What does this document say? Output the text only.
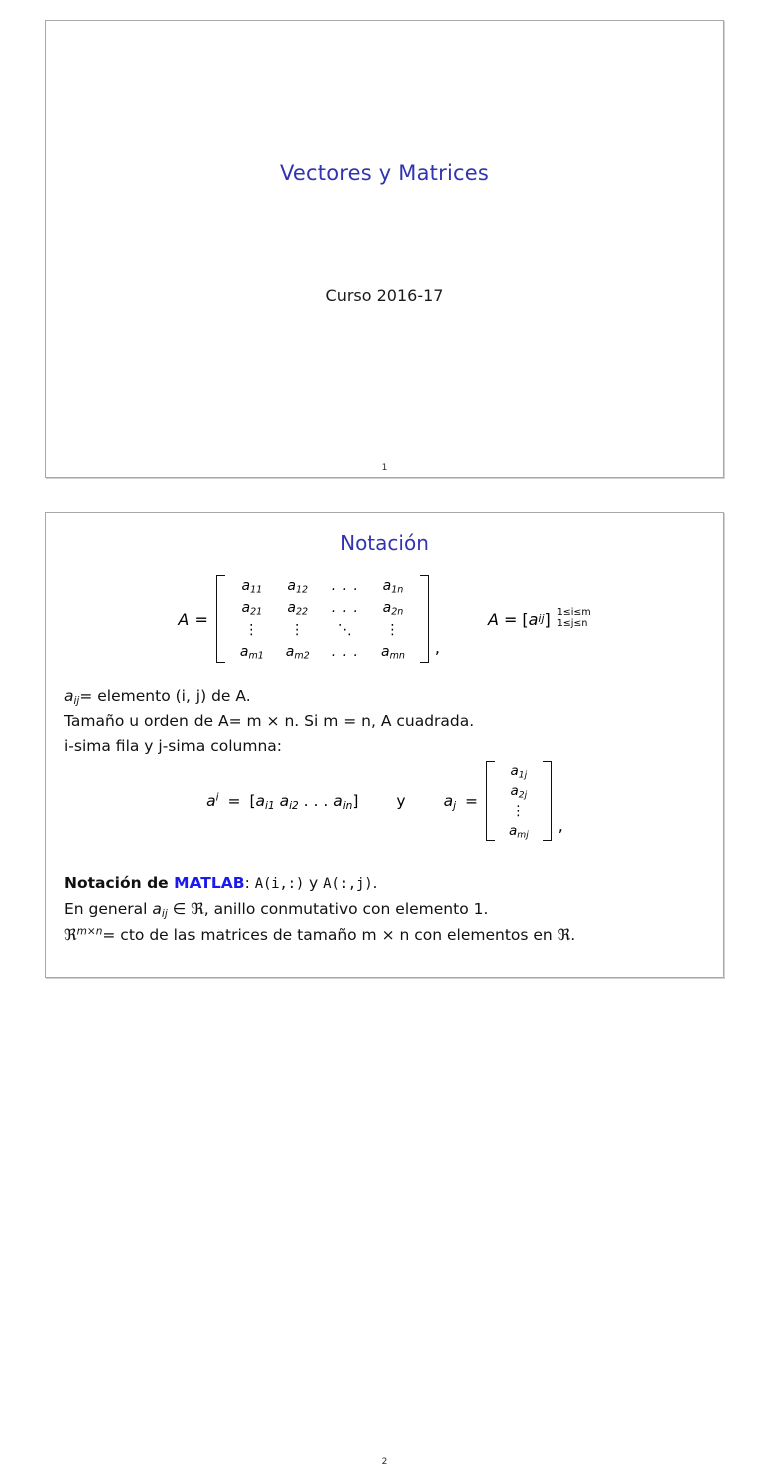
Vectores y Matrices
Curso 2016-17
1
Notación
A =
$a_{11}$	$a_{12}$	. . .	$a_{1n}$
$a_{21}$	$a_{22}$	. . .	$a_{2n}$
⋮	⋮	⋱	⋮
$a_{m1}$	$a_{m2}$	. . .	$a_{mn}$	,
A = [ a ij ] 1≤i≤m
1≤j≤n
$a_{ij}=$ elemento (i, j) de A.
Tamaño u orden de A= m × n. Si m = n, A cuadrada.
i-sima fila y j-sima columna:
$a^i = [a_{i1}$ $a_{i2}$ . . . $a_{in}$] y $a_j$ =
$a_{1j}$
$a_{2j}$
⋮
$a_{mj}$
,
Notación de MATLAB: A(i,:) y A(:,j).
En general $a_{ij}$ ∈ ℜ, anillo conmutativo con elemento 1.
ℜ$^{m\times n}$= cto de las matrices de tamaño m × n con elementos en ℜ.
2
